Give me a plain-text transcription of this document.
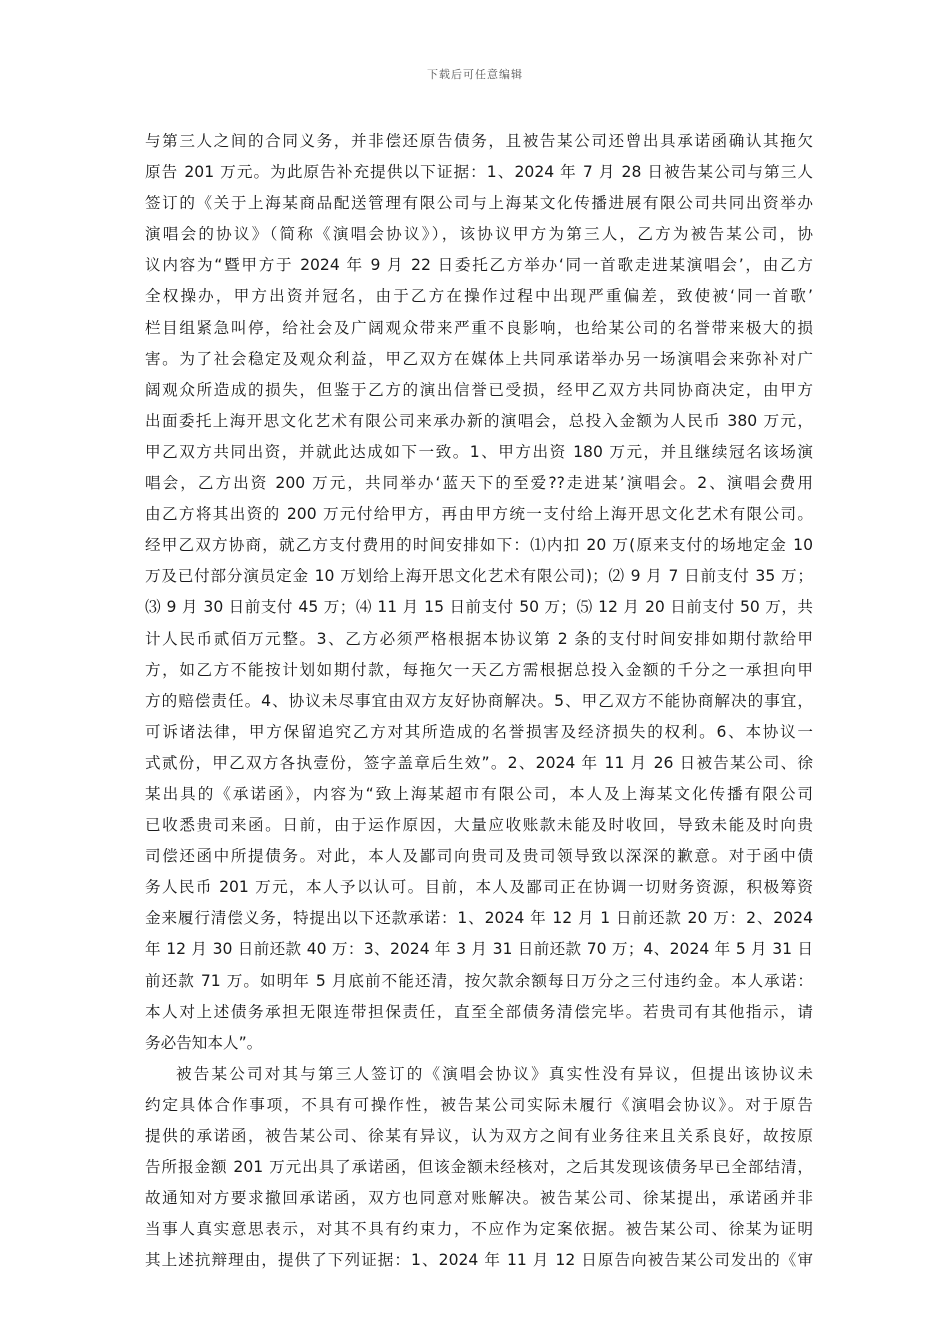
下载后可任意编辑
与第三人之间的合同义务，并非偿还原告债务，且被告某公司还曾出具承诺函确认其拖欠
原告 201 万元。为此原告补充提供以下证据：1、2024 年 7 月 28 日被告某公司与第三人
签订的《关于上海某商品配送管理有限公司与上海某文化传播进展有限公司共同出资举办
演唱会的协议》（简称《演唱会协议》），该协议甲方为第三人，乙方为被告某公司，协
议内容为“暨甲方于 2024 年 9 月 22 日委托乙方举办‘同一首歌走进某演唱会’，由乙方
全权操办，甲方出资并冠名，由于乙方在操作过程中出现严重偏差，致使被‘同一首歌’
栏目组紧急叫停，给社会及广阔观众带来严重不良影响，也给某公司的名誉带来极大的损
害。为了社会稳定及观众利益，甲乙双方在媒体上共同承诺举办另一场演唱会来弥补对广
阔观众所造成的损失，但鉴于乙方的演出信誉已受损，经甲乙双方共同协商决定，由甲方
出面委托上海开思文化艺术有限公司来承办新的演唱会，总投入金额为人民币 380 万元，
甲乙双方共同出资，并就此达成如下一致。1、甲方出资 180 万元，并且继续冠名该场演
唱会，乙方出资 200 万元，共同举办‘蓝天下的至爱??走进某’演唱会。2、演唱会费用
由乙方将其出资的 200 万元付给甲方，再由甲方统一支付给上海开思文化艺术有限公司。
经甲乙双方协商，就乙方支付费用的时间安排如下：⑴内扣 20 万(原来支付的场地定金 10
万及已付部分演员定金 10 万划给上海开思文化艺术有限公司)；⑵ 9 月 7 日前支付 35 万；
⑶ 9 月 30 日前支付 45 万；⑷ 11 月 15 日前支付 50 万；⑸ 12 月 20 日前支付 50 万，共
计人民币贰佰万元整。3、乙方必须严格根据本协议第 2 条的支付时间安排如期付款给甲
方，如乙方不能按计划如期付款，每拖欠一天乙方需根据总投入金额的千分之一承担向甲
方的赔偿责任。4、协议未尽事宜由双方友好协商解决。5、甲乙双方不能协商解决的事宜，
可诉诸法律，甲方保留追究乙方对其所造成的名誉损害及经济损失的权利。6、本协议一
式贰份，甲乙双方各执壹份，签字盖章后生效”。2、2024 年 11 月 26 日被告某公司、徐
某出具的《承诺函》，内容为“致上海某超市有限公司，本人及上海某文化传播有限公司
已收悉贵司来函。日前，由于运作原因，大量应收账款未能及时收回，导致未能及时向贵
司偿还函中所提债务。对此，本人及鄙司向贵司及贵司领导致以深深的歉意。对于函中债
务人民币 201 万元，本人予以认可。目前，本人及鄙司正在协调一切财务资源，积极筹资
金来履行清偿义务，特提出以下还款承诺：1、2024 年 12 月 1 日前还款 20 万：2、2024
年 12 月 30 日前还款 40 万：3、2024 年 3 月 31 日前还款 70 万；4、2024 年 5 月 31 日
前还款 71 万。如明年 5 月底前不能还清，按欠款余额每日万分之三付违约金。本人承诺：
本人对上述债务承担无限连带担保责任，直至全部债务清偿完毕。若贵司有其他指示，请
务必告知本人”。
被告某公司对其与第三人签订的《演唱会协议》真实性没有异议，但提出该协议未
约定具体合作事项，不具有可操作性，被告某公司实际未履行《演唱会协议》。对于原告
提供的承诺函，被告某公司、徐某有异议，认为双方之间有业务往来且关系良好，故按原
告所报金额 201 万元出具了承诺函，但该金额未经核对，之后其发现该债务早已全部结清，
故通知对方要求撤回承诺函，双方也同意对账解决。被告某公司、徐某提出，承诺函并非
当事人真实意思表示，对其不具有约束力，不应作为定案依据。被告某公司、徐某为证明
其上述抗辩理由，提供了下列证据：1、2024 年 11 月 12 日原告向被告某公司发出的《审
